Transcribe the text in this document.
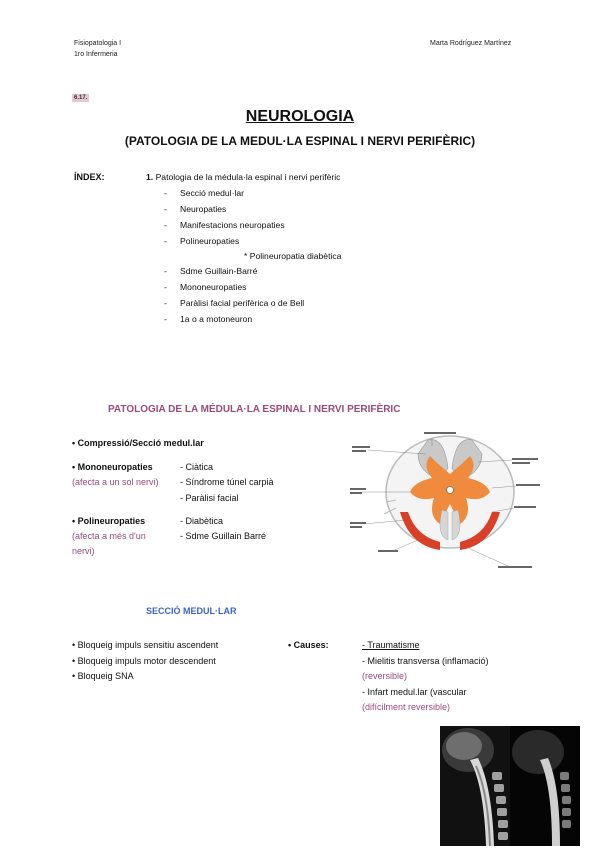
Fisiopatologia I
1ro Infermeria
Marta Rodríguez Martínez
6.17.
NEUROLOGIA
(PATOLOGIA DE LA MEDUL·LA ESPINAL I NERVI PERIFÈRIC)
ÍNDEX:	1. Patologia de la médula·la espinal i nervi perifèric
- Secció medul·lar
- Neuropaties
- Manifestacions neuropaties
- Polineuropaties
* Polineuropatia diabètica
- Sdme Guillain-Barré
- Mononeuropaties
- Paràlisi facial perifèrica o de Bell
- 1a o a motoneuron
PATOLOGIA DE LA MÉDULA·LA ESPINAL I NERVI PERIFÈRIC
• Compressió/Secció medul.lar
• Mononeuropaties
(afecta a un sol nervi)
- Ciàtica
- Síndrome túnel carpià
- Paràlisi facial
• Polineuropaties
(afecta a més d'un
nervi)
- Diabètica
- Sdme Guillain Barré
SECCIÓ MEDUL·LAR
• Bloqueig impuls sensitiu ascendent
• Bloqueig impuls motor descendent
• Bloqueig SNA
• Causes:	- Traumatisme
- Mielitis transversa (inflamació)
(reversible)
- Infart medul.lar (vascular
(difícilment reversible)
